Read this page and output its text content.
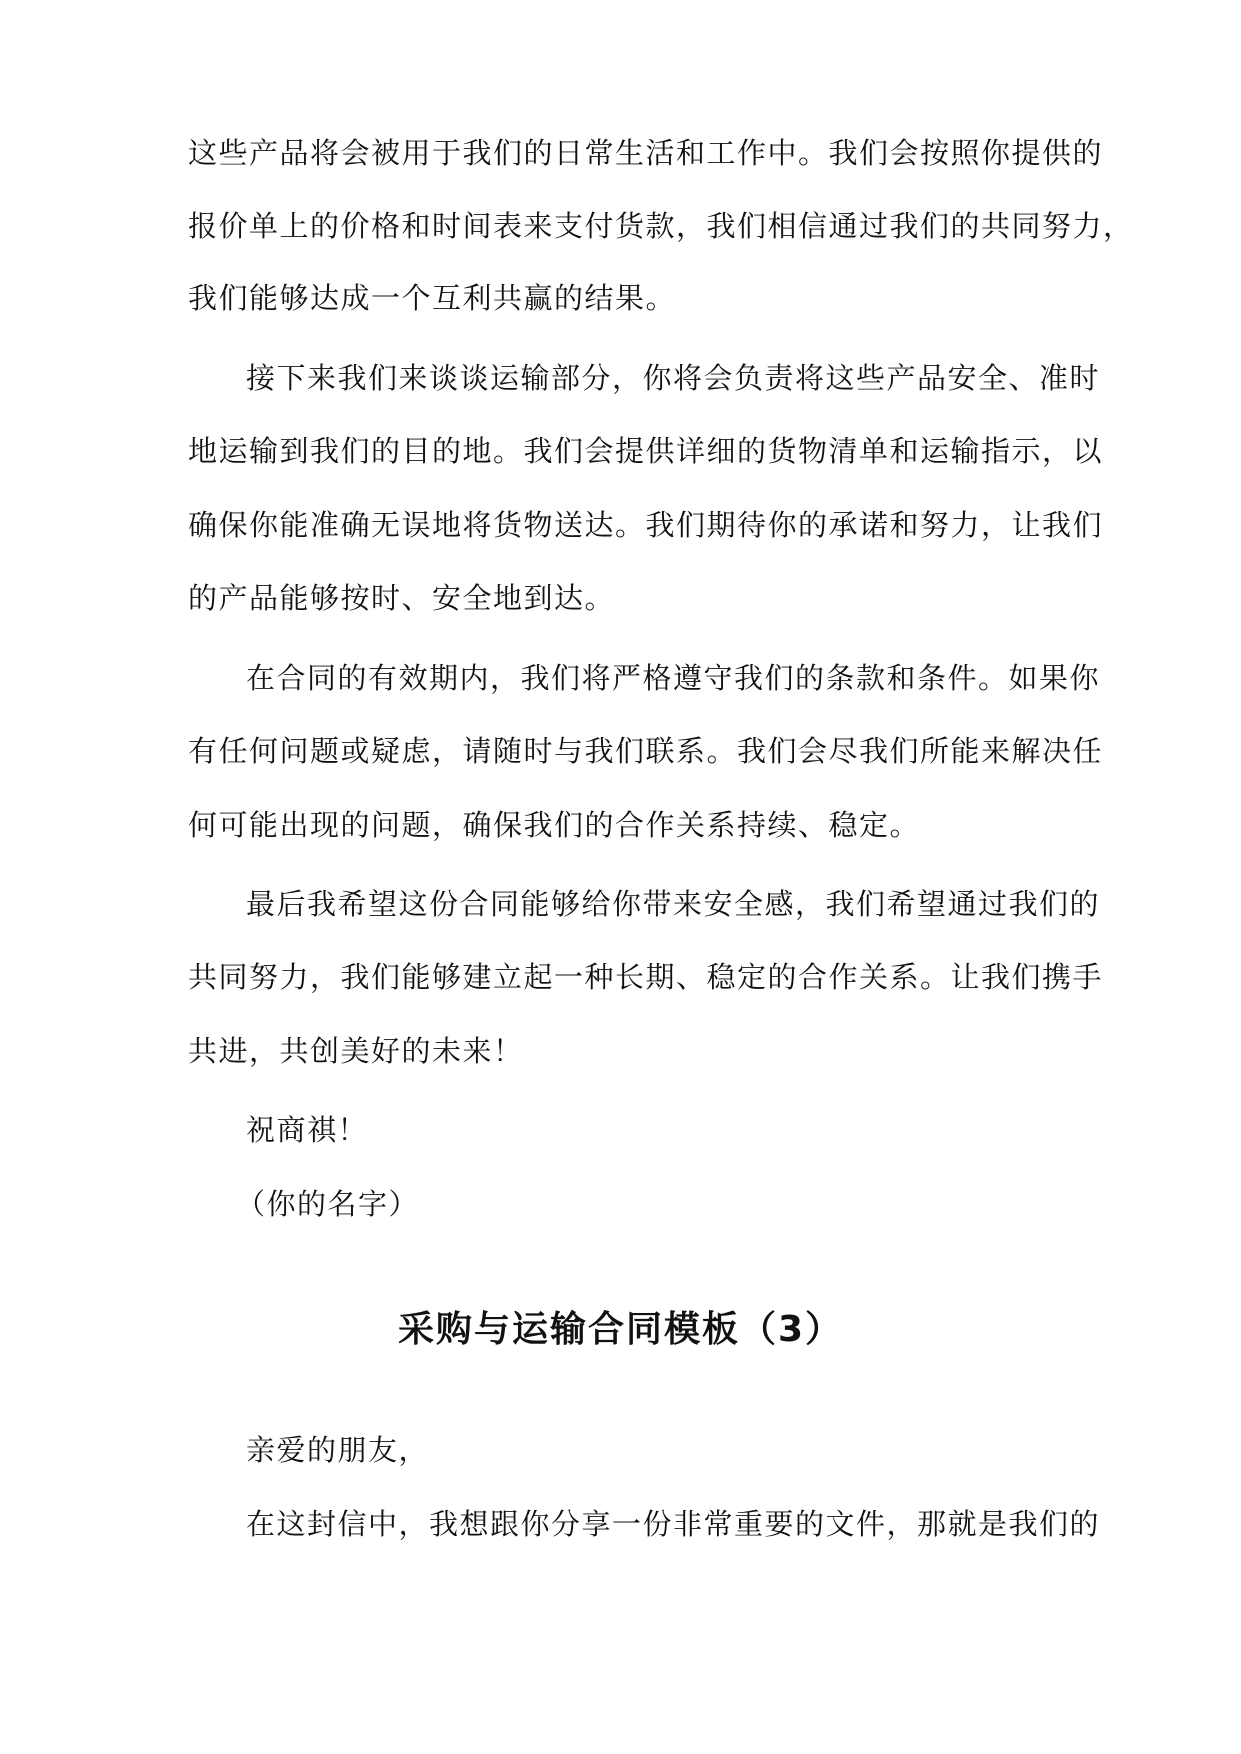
这些产品将会被用于我们的日常生活和工作中。我们会按照你提供的
报价单上的价格和时间表来支付货款，我们相信通过我们的共同努力，
我们能够达成一个互利共赢的结果。
接下来我们来谈谈运输部分，你将会负责将这些产品安全、准时
地运输到我们的目的地。我们会提供详细的货物清单和运输指示，以
确保你能准确无误地将货物送达。我们期待你的承诺和努力，让我们
的产品能够按时、安全地到达。
在合同的有效期内，我们将严格遵守我们的条款和条件。如果你
有任何问题或疑虑，请随时与我们联系。我们会尽我们所能来解决任
何可能出现的问题，确保我们的合作关系持续、稳定。
最后我希望这份合同能够给你带来安全感，我们希望通过我们的
共同努力，我们能够建立起一种长期、稳定的合作关系。让我们携手
共进，共创美好的未来！
祝商祺！
（你的名字）
采购与运输合同模板（3）
亲爱的朋友，
在这封信中，我想跟你分享一份非常重要的文件，那就是我们的
